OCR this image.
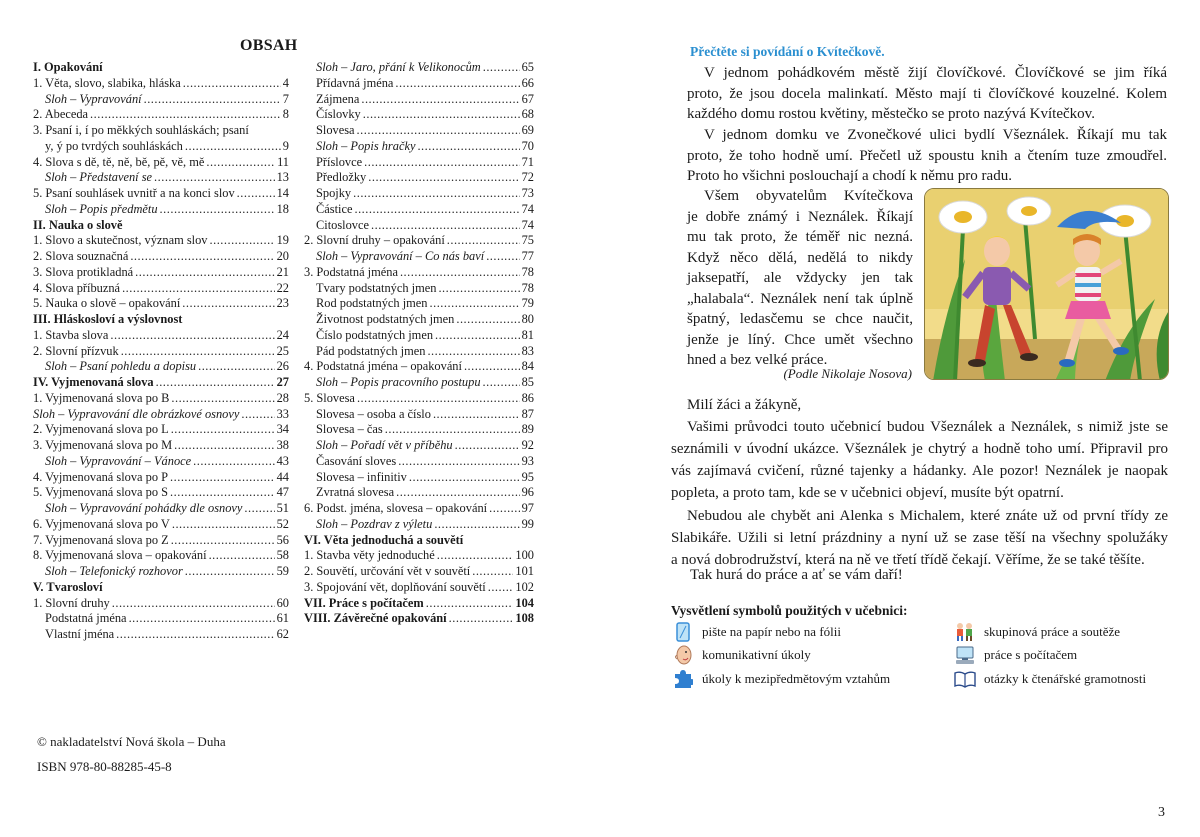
OBSAH
I. Opakování
1. Věta, slovo, slabika, hláska .....	4
Sloh – Vypravování .....	7
2. Abeceda .....	8
3. Psaní i, í po měkkých souhláskách; psaní
y, ý po tvrdých souhláskách .....	9
4. Slova s dě, tě, ně, bě, pě, vě, mě .....	11
Sloh – Představení se .....	13
5. Psaní souhlásek uvnitř a na konci slov .....	14
Sloh – Popis předmětu .....	18
II. Nauka o slově
1. Slovo a skutečnost, význam slov .....	19
2. Slova souznačná .....	20
3. Slova protikladná .....	21
4. Slova příbuzná .....	22
5. Nauka o slově – opakování .....	23
III. Hláskosloví a výslovnost
1. Stavba slova .....	24
2. Slovní přízvuk .....	25
Sloh – Psaní pohledu a dopisu .....	26
IV. Vyjmenovaná slova .....	27
1. Vyjmenovaná slova po B .....	28
Sloh – Vypravování dle obrázkové osnovy .....	33
2. Vyjmenovaná slova po L .....	34
3. Vyjmenovaná slova po M .....	38
Sloh – Vypravování – Vánoce .....	43
4. Vyjmenovaná slova po P .....	44
5. Vyjmenovaná slova po S .....	47
Sloh – Vypravování pohádky dle osnovy .....	51
6. Vyjmenovaná slova po V .....	52
7. Vyjmenovaná slova po Z .....	56
8. Vyjmenovaná slova – opakování .....	58
Sloh – Telefonický rozhovor .....	59
V. Tvarosloví
1. Slovní druhy .....	60
Podstatná jména .....	61
Vlastní jména .....	62
Sloh – Jaro, přání k Velikonocům .....	65
Přídavná jména .....	66
Zájmena .....	67
Číslovky .....	68
Slovesa .....	69
Sloh – Popis hračky .....	70
Příslovce .....	71
Předložky .....	72
Spojky .....	73
Částice .....	74
Citoslovce .....	74
2. Slovní druhy – opakování .....	75
Sloh – Vypravování – Co nás baví .....	77
3. Podstatná jména .....	78
Tvary podstatných jmen .....	78
Rod podstatných jmen .....	79
Životnost podstatných jmen .....	80
Číslo podstatných jmen .....	81
Pád podstatných jmen .....	83
4. Podstatná jména – opakování .....	84
Sloh – Popis pracovního postupu .....	85
5. Slovesa .....	86
Slovesa – osoba a číslo .....	87
Slovesa – čas .....	89
Sloh – Pořadí vět v příběhu .....	92
Časování sloves .....	93
Slovesa – infinitiv .....	95
Zvratná slovesa .....	96
6. Podst. jména, slovesa – opakování .....	97
Sloh – Pozdrav z výletu .....	99
VI. Věta jednoduchá a souvětí
1. Stavba věty jednoduché .....	100
2. Souvětí, určování vět v souvětí .....	101
3. Spojování vět, doplňování souvětí ..... 102
VII. Práce s počítačem .....	104
VIII. Závěrečné opakování .....	108
© nakladatelství Nová škola – Duha
ISBN 978-80-88285-45-8
Přečtěte si povídání o Kvítečkově.
V jednom pohádkovém městě žijí človíčkové. Človíčkové se jim říká
proto, že jsou docela malinkatí. Město mají ti človíčkové kouzelné. Kolem
každého domu rostou květiny, městečko se proto nazývá Kvítečkov.
V jednom domku ve Zvonečkové ulici bydlí Všeználek. Říkají mu tak
proto, že toho hodně umí. Přečetl už spoustu knih a čtením tuze zmoudřel.
Proto ho všichni poslouchají a chodí k němu pro radu.
Všem obyvatelům Kvítečkova
je dobře známý i Neználek. Říkají
mu tak proto, že téměř nic nezná.
Když něco dělá, nedělá to nikdy
jaksepatří, ale vždycky jen tak
„halabala“. Neználek není tak úplně
špatný, ledasčemu se chce naučit,
jenže je líný. Chce umět všechno
hned a bez velké práce.
(Podle Nikolaje Nosova)
Milí žáci a žákyně,
Vašimi průvodci touto učebnicí budou Všeználek a Neználek, s nimiž jste se
seznámili v úvodní ukázce. Všeználek je chytrý a hodně toho umí. Připravil pro
vás zajímavá cvičení, různé tajenky a hádanky. Ale pozor! Neználek je naopak
popleta, a proto tam, kde se v učebnici objeví, musíte být opatrní.
Nebudou ale chybět ani Alenka s Michalem, které znáte už od první třídy ze
Slabikáře. Užili si letní prázdniny a nyní už se zase těší na všechny spolužáky
a nová dobrodružství, která na ně ve třetí třídě čekají. Věříme, že se také těšíte.
Tak hurá do práce a ať se vám daří!
Vysvětlení symbolů použitých v učebnici:
pište na papír nebo na fólii	skupinová práce a soutěže
komunikativní úkoly	práce s počítačem
úkoly k mezipředmětovým vztahům	otázky k čtenářské gramotnosti
3
